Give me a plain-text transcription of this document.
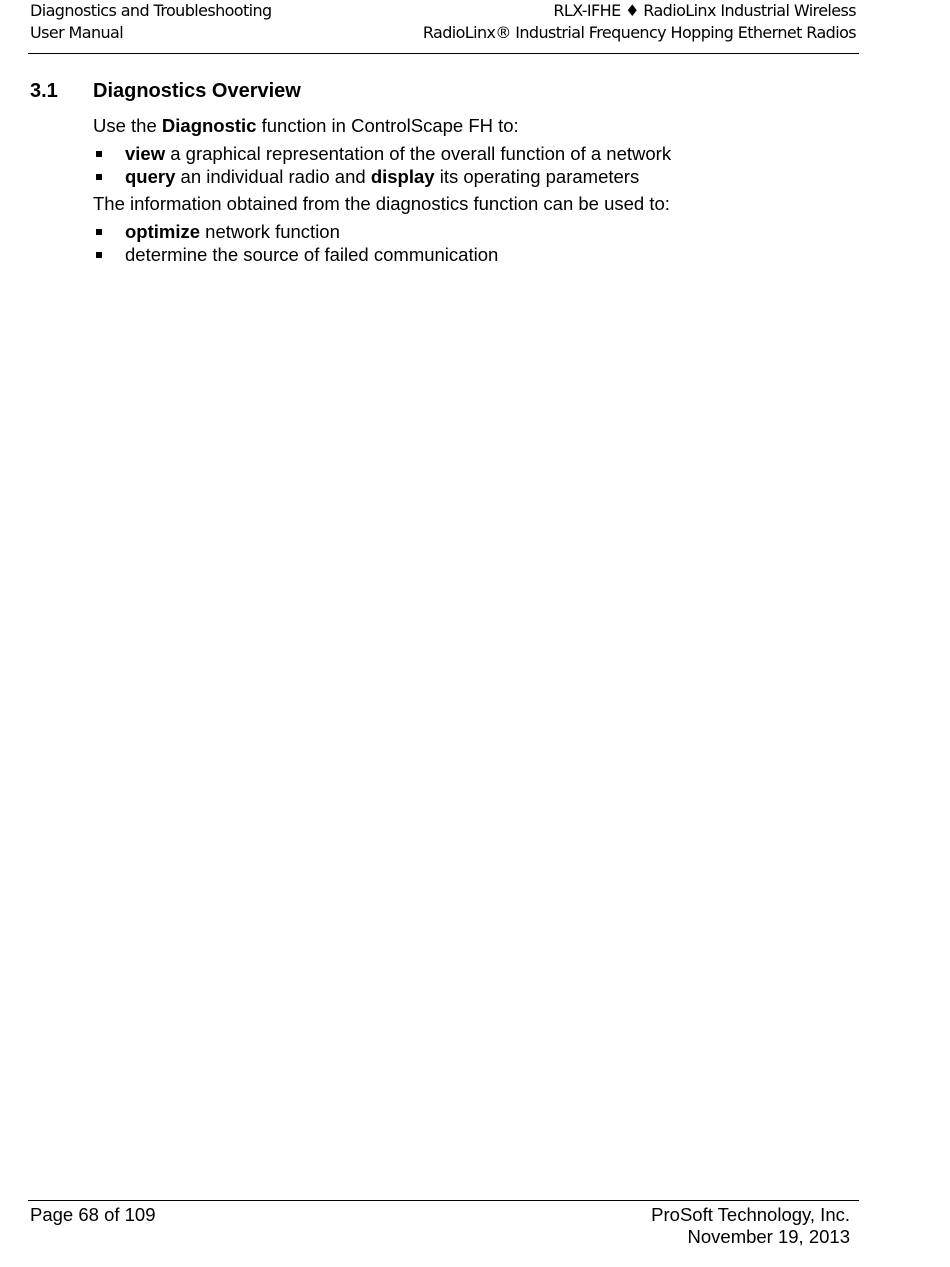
Diagnostics and Troubleshooting
User Manual
RLX-IFHE ♦ RadioLinx Industrial Wireless
RadioLinx® Industrial Frequency Hopping Ethernet Radios
3.1 Diagnostics Overview
Use the Diagnostic function in ControlScape FH to:
view a graphical representation of the overall function of a network
query an individual radio and display its operating parameters
The information obtained from the diagnostics function can be used to:
optimize network function
determine the source of failed communication
Page 68 of 109	ProSoft Technology, Inc.
November 19, 2013
